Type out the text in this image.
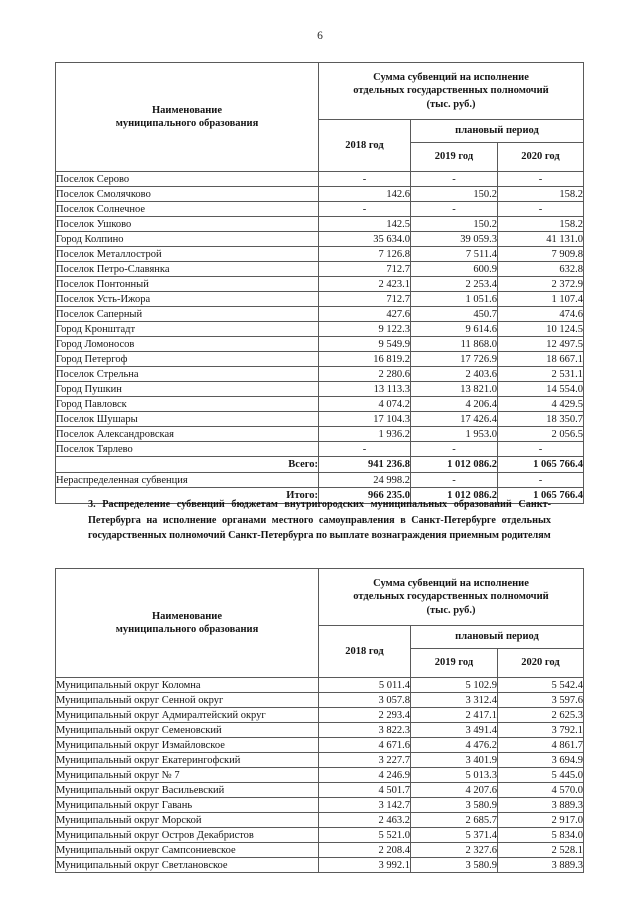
6
Наименование
муниципального образования	Сумма субвенций на исполнение
отдельных государственных полномочий
(тыс. руб.)		
	2018 год	плановый период	
		2019 год	2020 год
Поселок Серово	-	-	-
Поселок Смолячково	142.6	150.2	158.2
Поселок Солнечное	-	-	-
Поселок Ушково	142.5	150.2	158.2
Город Колпино	35 634.0	39 059.3	41 131.0
Поселок Металлострой	7 126.8	7 511.4	7 909.8
Поселок Петро-Славянка	712.7	600.9	632.8
Поселок Понтонный	2 423.1	2 253.4	2 372.9
Поселок Усть-Ижора	712.7	1 051.6	1 107.4
Поселок Саперный	427.6	450.7	474.6
Город Кронштадт	9 122.3	9 614.6	10 124.5
Город Ломоносов	9 549.9	11 868.0	12 497.5
Город Петергоф	16 819.2	17 726.9	18 667.1
Поселок Стрельна	2 280.6	2 403.6	2 531.1
Город Пушкин	13 113.3	13 821.0	14 554.0
Город Павловск	4 074.2	4 206.4	4 429.5
Поселок Шушары	17 104.3	17 426.4	18 350.7
Поселок Александровская	1 936.2	1 953.0	2 056.5
Поселок Тярлево	-	-	-
Всего:	941 236.8	1 012 086.2	1 065 766.4
Нераспределенная субвенция	24 998.2	-	-
Итого:	966 235.0	1 012 086.2	1 065 766.4
3. Распределение субвенций бюджетам внутригородских муниципальных образований Санкт-Петербурга на исполнение органами местного самоуправления в Санкт-Петербурге отдельных государственных полномочий Санкт-Петербурга по выплате вознаграждения приемным родителям
Наименование
муниципального образования	Сумма субвенций на исполнение
отдельных государственных полномочий
(тыс. руб.)		
	2018 год	плановый период	
		2019 год	2020 год
Муниципальный округ Коломна	5 011.4	5 102.9	5 542.4
Муниципальный округ Сенной округ	3 057.8	3 312.4	3 597.6
Муниципальный округ Адмиралтейский округ	2 293.4	2 417.1	2 625.3
Муниципальный округ Семеновский	3 822.3	3 491.4	3 792.1
Муниципальный округ Измайловское	4 671.6	4 476.2	4 861.7
Муниципальный округ Екатерингофский	3 227.7	3 401.9	3 694.9
Муниципальный округ № 7	4 246.9	5 013.3	5 445.0
Муниципальный округ Васильевский	4 501.7	4 207.6	4 570.0
Муниципальный округ Гавань	3 142.7	3 580.9	3 889.3
Муниципальный округ Морской	2 463.2	2 685.7	2 917.0
Муниципальный округ Остров Декабристов	5 521.0	5 371.4	5 834.0
Муниципальный округ Сампсониевское	2 208.4	2 327.6	2 528.1
Муниципальный округ Светлановское	3 992.1	3 580.9	3 889.3
